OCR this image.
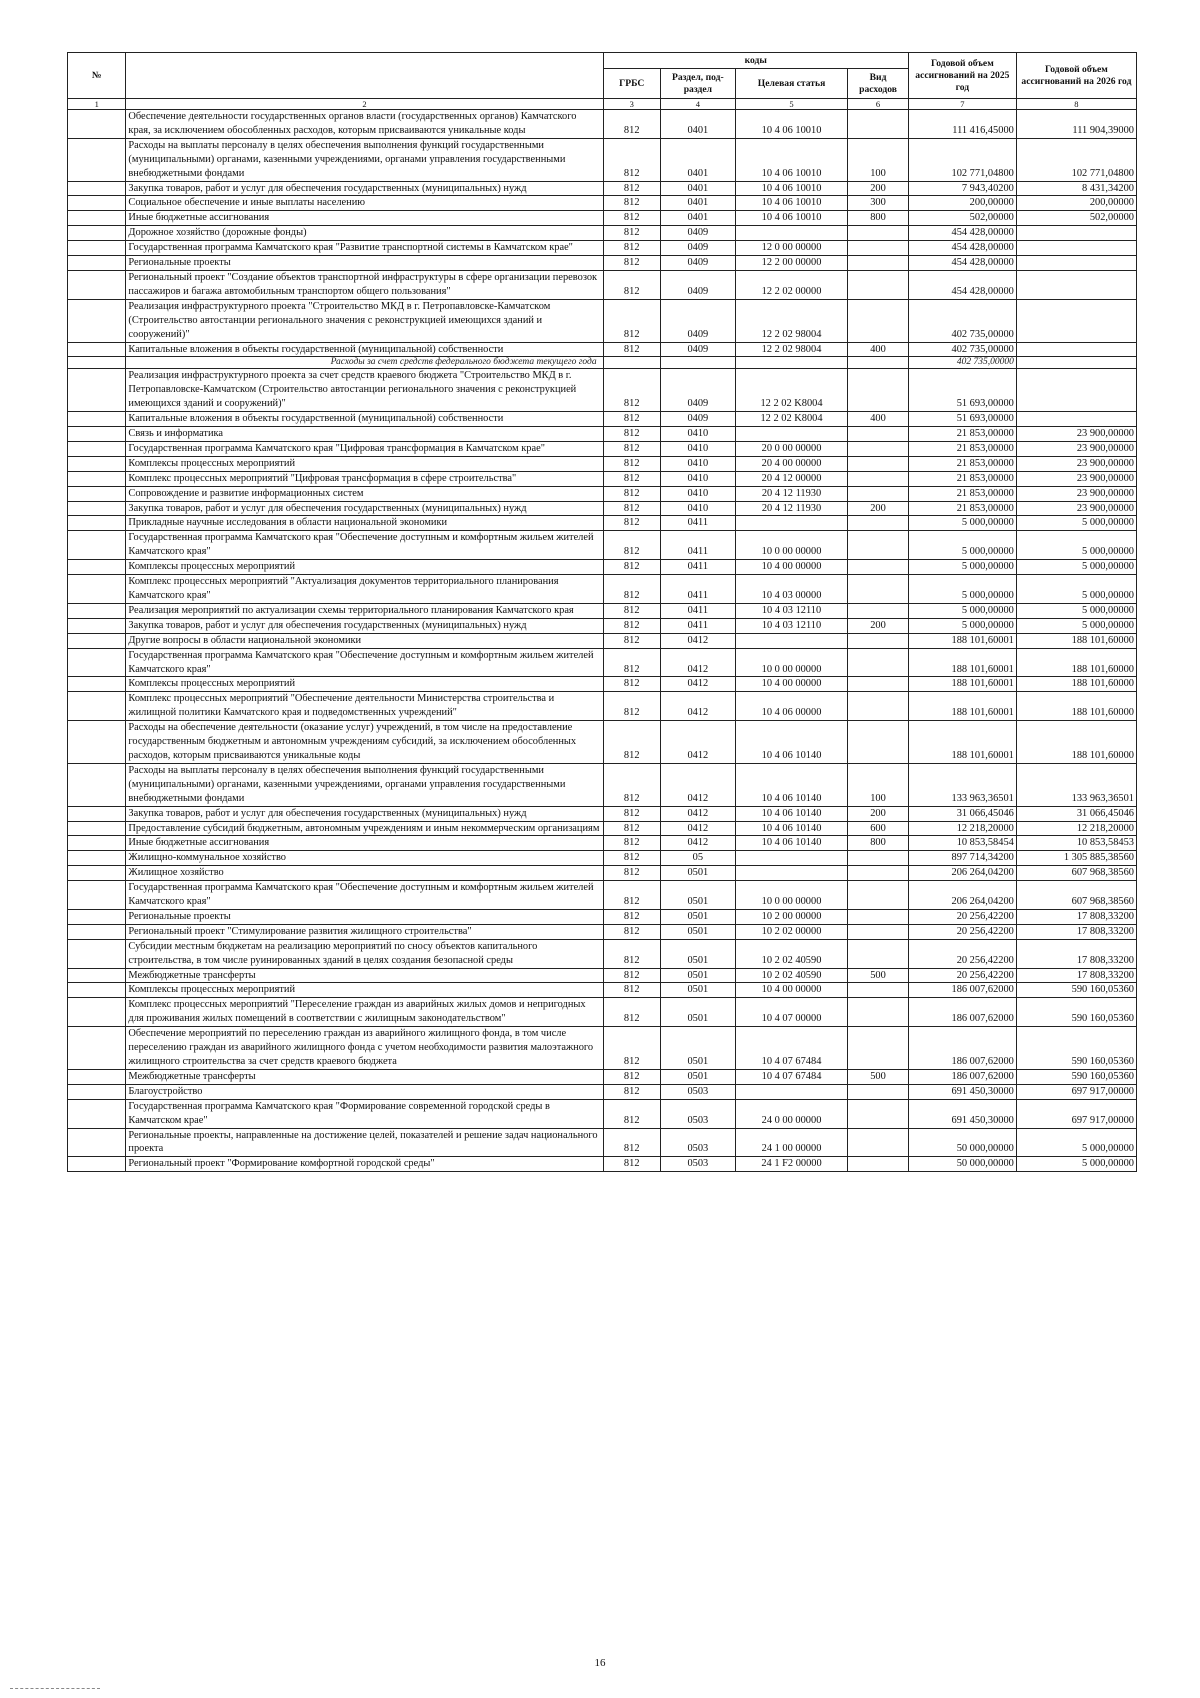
№		коды				Годовой объем ассигнований на 2025 год	Годовой объем ассигнований на 2026 год
		ГРБС	Раздел, под-раздел	Целевая статья	Вид расходов		
1	2	3	4	5	6	7	8
	Обеспечение деятельности государственных органов власти (государственных органов) Камчатского края, за исключением обособленных расходов, которым присваиваются уникальные коды	812	0401	10 4 06 10010		111 416,45000	111 904,39000
	Расходы на выплаты персоналу в целях обеспечения выполнения функций государственными (муниципальными) органами, казенными учреждениями, органами управления государственными внебюджетными фондами	812	0401	10 4 06 10010	100	102 771,04800	102 771,04800
	Закупка товаров, работ и услуг для обеспечения государственных (муниципальных) нужд	812	0401	10 4 06 10010	200	7 943,40200	8 431,34200
	Социальное обеспечение и иные выплаты населению	812	0401	10 4 06 10010	300	200,00000	200,00000
	Иные бюджетные ассигнования	812	0401	10 4 06 10010	800	502,00000	502,00000
	Дорожное хозяйство (дорожные фонды)	812	0409			454 428,00000	
	Государственная программа Камчатского края "Развитие транспортной системы в Камчатском крае"	812	0409	12 0 00 00000		454 428,00000	
	Региональные проекты	812	0409	12 2 00 00000		454 428,00000	
	Региональный проект "Создание объектов транспортной инфраструктуры в сфере организации перевозок пассажиров и багажа автомобильным транспортом общего пользования"	812	0409	12 2 02 00000		454 428,00000	
	Реализация инфраструктурного проекта "Строительство МКД в г. Петропавловске-Камчатском (Строительство автостанции регионального значения с реконструкцией имеющихся зданий и сооружений)"	812	0409	12 2 02 98004		402 735,00000	
	Капитальные вложения в объекты государственной (муниципальной) собственности	812	0409	12 2 02 98004	400	402 735,00000	
	Расходы за счет средств федерального бюджета текущего года					402 735,00000	
	Реализация инфраструктурного проекта за счет средств краевого бюджета "Строительство МКД в г. Петропавловске-Камчатском (Строительство автостанции регионального значения с реконструкцией имеющихся зданий и сооружений)"	812	0409	12 2 02 K8004		51 693,00000	
	Капитальные вложения в объекты государственной (муниципальной) собственности	812	0409	12 2 02 K8004	400	51 693,00000	
	Связь и информатика	812	0410			21 853,00000	23 900,00000
	Государственная программа Камчатского края "Цифровая трансформация в Камчатском крае"	812	0410	20 0 00 00000		21 853,00000	23 900,00000
	Комплексы процессных мероприятий	812	0410	20 4 00 00000		21 853,00000	23 900,00000
	Комплекс процессных мероприятий "Цифровая трансформация в сфере строительства"	812	0410	20 4 12 00000		21 853,00000	23 900,00000
	Сопровождение и развитие информационных систем	812	0410	20 4 12 11930		21 853,00000	23 900,00000
	Закупка товаров, работ и услуг для обеспечения государственных (муниципальных) нужд	812	0410	20 4 12 11930	200	21 853,00000	23 900,00000
	Прикладные научные исследования в области национальной экономики	812	0411			5 000,00000	5 000,00000
	Государственная программа Камчатского края "Обеспечение доступным и комфортным жильем жителей Камчатского края"	812	0411	10 0 00 00000		5 000,00000	5 000,00000
	Комплексы процессных мероприятий	812	0411	10 4 00 00000		5 000,00000	5 000,00000
	Комплекс процессных мероприятий "Актуализация документов территориального планирования Камчатского края"	812	0411	10 4 03 00000		5 000,00000	5 000,00000
	Реализация мероприятий по актуализации схемы территориального планирования Камчатского края	812	0411	10 4 03 12110		5 000,00000	5 000,00000
	Закупка товаров, работ и услуг для обеспечения государственных (муниципальных) нужд	812	0411	10 4 03 12110	200	5 000,00000	5 000,00000
	Другие вопросы в области национальной экономики	812	0412			188 101,60001	188 101,60000
	Государственная программа Камчатского края "Обеспечение доступным и комфортным жильем жителей Камчатского края"	812	0412	10 0 00 00000		188 101,60001	188 101,60000
	Комплексы процессных мероприятий	812	0412	10 4 00 00000		188 101,60001	188 101,60000
	Комплекс процессных мероприятий "Обеспечение деятельности Министерства строительства и жилищной политики Камчатского края и подведомственных учреждений"	812	0412	10 4 06 00000		188 101,60001	188 101,60000
	Расходы на обеспечение деятельности (оказание услуг) учреждений, в том числе на предоставление государственным бюджетным и автономным учреждениям субсидий, за исключением обособленных расходов, которым присваиваются уникальные коды	812	0412	10 4 06 10140		188 101,60001	188 101,60000
	Расходы на выплаты персоналу в целях обеспечения выполнения функций государственными (муниципальными) органами, казенными учреждениями, органами управления государственными внебюджетными фондами	812	0412	10 4 06 10140	100	133 963,36501	133 963,36501
	Закупка товаров, работ и услуг для обеспечения государственных (муниципальных) нужд	812	0412	10 4 06 10140	200	31 066,45046	31 066,45046
	Предоставление субсидий бюджетным, автономным учреждениям и иным некоммерческим организациям	812	0412	10 4 06 10140	600	12 218,20000	12 218,20000
	Иные бюджетные ассигнования	812	0412	10 4 06 10140	800	10 853,58454	10 853,58453
	Жилищно-коммунальное хозяйство	812	05			897 714,34200	1 305 885,38560
	Жилищное хозяйство	812	0501			206 264,04200	607 968,38560
	Государственная программа Камчатского края "Обеспечение доступным и комфортным жильем жителей Камчатского края"	812	0501	10 0 00 00000		206 264,04200	607 968,38560
	Региональные проекты	812	0501	10 2 00 00000		20 256,42200	17 808,33200
	Региональный проект "Стимулирование развития жилищного строительства"	812	0501	10 2 02 00000		20 256,42200	17 808,33200
	Субсидии местным бюджетам на реализацию мероприятий по сносу объектов капитального строительства, в том числе руинированных зданий в целях создания безопасной среды	812	0501	10 2 02 40590		20 256,42200	17 808,33200
	Межбюджетные трансферты	812	0501	10 2 02 40590	500	20 256,42200	17 808,33200
	Комплексы процессных мероприятий	812	0501	10 4 00 00000		186 007,62000	590 160,05360
	Комплекс процессных мероприятий "Переселение граждан из аварийных жилых домов и непригодных для проживания жилых помещений в соответствии с жилищным законодательством"	812	0501	10 4 07 00000		186 007,62000	590 160,05360
	Обеспечение мероприятий по переселению граждан из аварийного жилищного фонда, в том числе переселению граждан из аварийного жилищного фонда с учетом необходимости развития малоэтажного жилищного строительства за счет средств краевого бюджета	812	0501	10 4 07 67484		186 007,62000	590 160,05360
	Межбюджетные трансферты	812	0501	10 4 07 67484	500	186 007,62000	590 160,05360
	Благоустройство	812	0503			691 450,30000	697 917,00000
	Государственная программа Камчатского края "Формирование современной городской среды в Камчатском крае"	812	0503	24 0 00 00000		691 450,30000	697 917,00000
	Региональные проекты, направленные на достижение целей, показателей и решение задач национального проекта	812	0503	24 1 00 00000		50 000,00000	5 000,00000
	Региональный проект "Формирование комфортной городской среды"	812	0503	24 1 F2 00000		50 000,00000	5 000,00000
16
